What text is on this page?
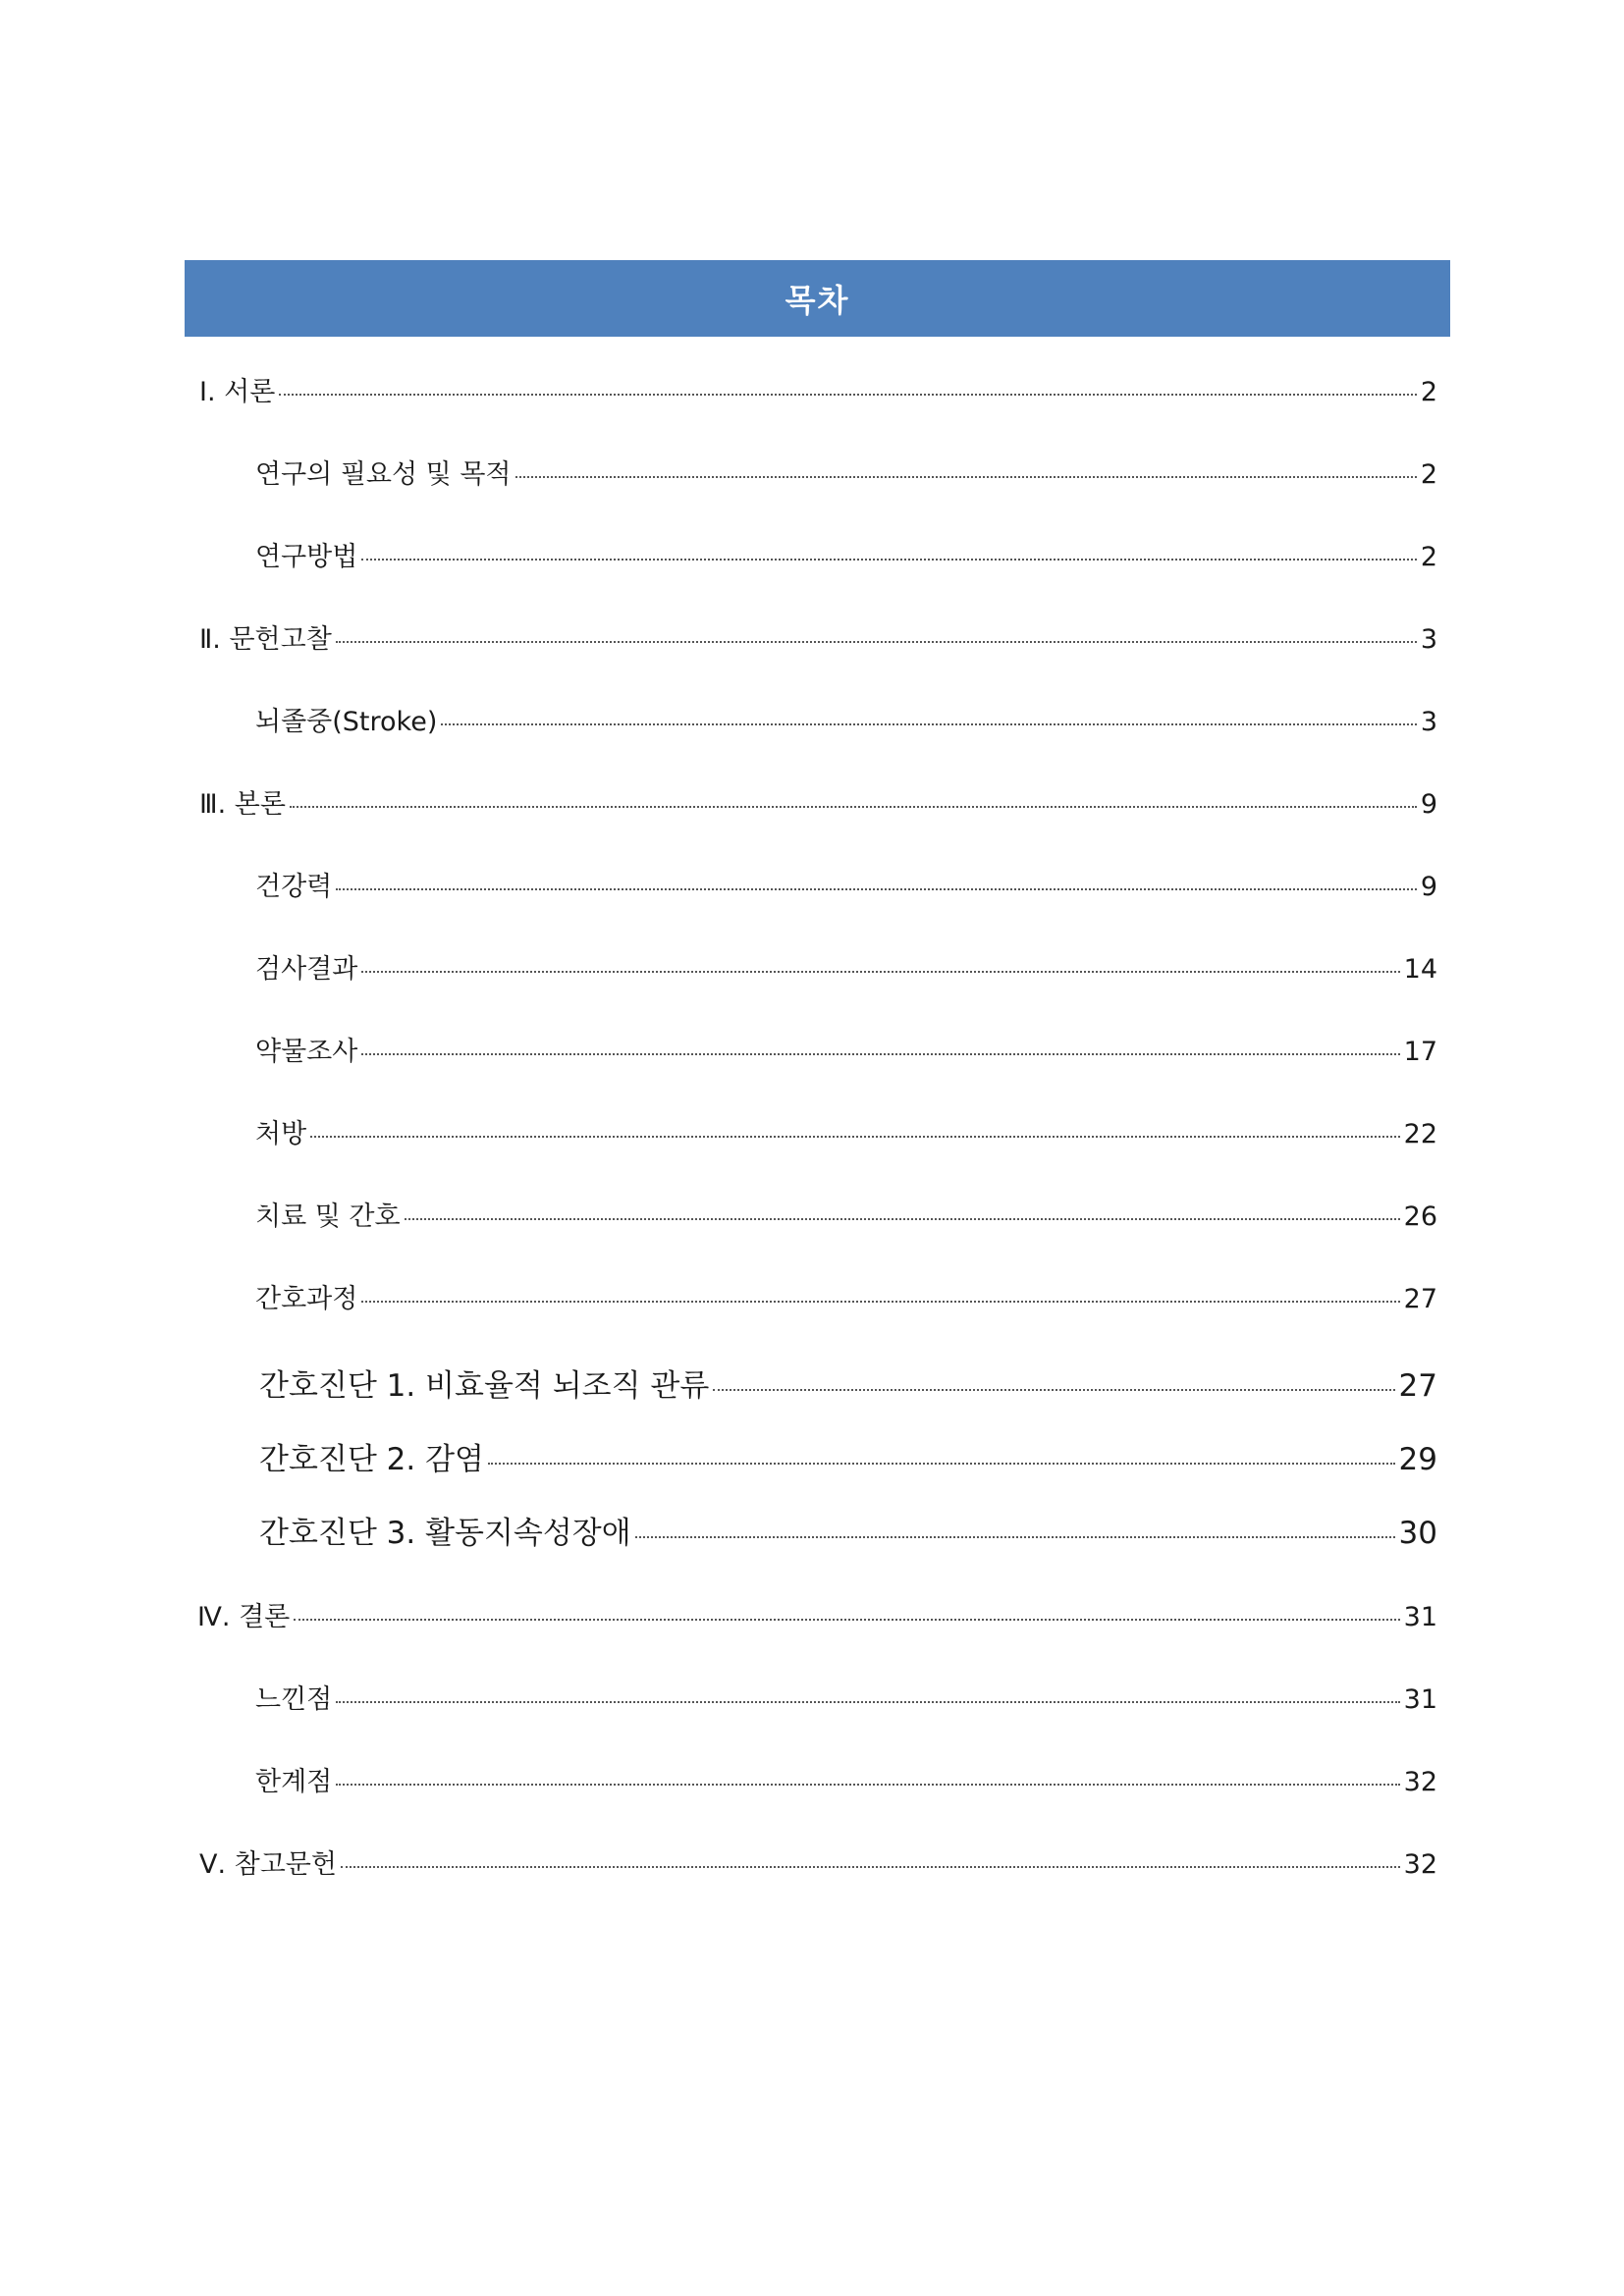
목차
Ⅰ. 서론	2
연구의 필요성 및 목적	2
연구방법	2
Ⅱ. 문헌고찰	3
뇌졸중(Stroke)	3
Ⅲ. 본론	9
건강력	9
검사결과	14
약물조사	17
처방	22
치료 및 간호	26
간호과정	27
간호진단 1. 비효율적 뇌조직 관류	27
간호진단 2. 감염	29
간호진단 3. 활동지속성장애	30
Ⅳ. 결론	31
느낀점	31
한계점	32
Ⅴ. 참고문헌	32
